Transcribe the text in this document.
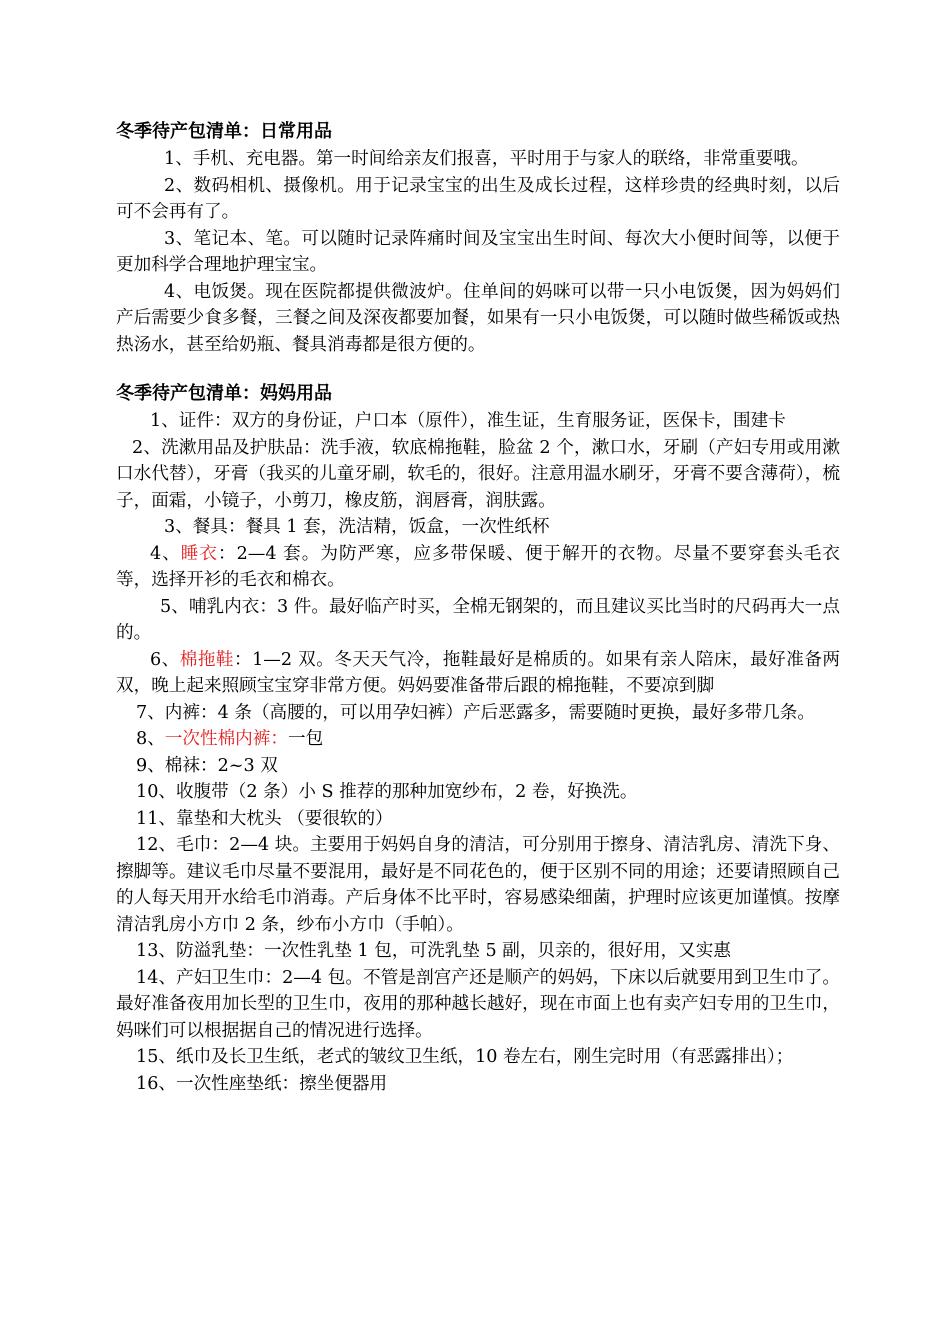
冬季待产包清单：日常用品

1、手机、充电器。第一时间给亲友们报喜，平时用于与家人的联络，非常重要哦。

2、数码相机、摄像机。用于记录宝宝的出生及成长过程，这样珍贵的经典时刻，以后可不会再有了。

3、笔记本、笔。可以随时记录阵痛时间及宝宝出生时间、每次大小便时间等，以便于更加科学合理地护理宝宝。

4、电饭煲。现在医院都提供微波炉。住单间的妈咪可以带一只小电饭煲，因为妈妈们产后需要少食多餐，三餐之间及深夜都要加餐，如果有一只小电饭煲，可以随时做些稀饭或热热汤水，甚至给奶瓶、餐具消毒都是很方便的。

冬季待产包清单：妈妈用品

1、证件：双方的身份证，户口本（原件），准生证，生育服务证，医保卡，围建卡

2、洗漱用品及护肤品：洗手液，软底棉拖鞋，脸盆 2 个，漱口水，牙刷（产妇专用或用漱口水代替），牙膏（我买的儿童牙刷，软毛的，很好。注意用温水刷牙，牙膏不要含薄荷），梳子，面霜，小镜子，小剪刀，橡皮筋，润唇膏，润肤露。

3、餐具：餐具 1 套，洗洁精，饭盒，一次性纸杯

4、睡衣：2—4 套。为防严寒，应多带保暖、便于解开的衣物。尽量不要穿套头毛衣等，选择开衫的毛衣和棉衣。

5、哺乳内衣：3 件。最好临产时买，全棉无钢架的，而且建议买比当时的尺码再大一点的。

6、棉拖鞋：1—2 双。冬天天气冷，拖鞋最好是棉质的。如果有亲人陪床，最好准备两双，晚上起来照顾宝宝穿非常方便。妈妈要准备带后跟的棉拖鞋，不要凉到脚

7、内裤：4 条（高腰的，可以用孕妇裤）产后恶露多，需要随时更换，最好多带几条。

8、一次性棉内裤：一包

9、棉袜：2~3 双

10、收腹带（2 条）小 S 推荐的那种加宽纱布，2 卷，好换洗。

11、靠垫和大枕头 （要很软的）

12、毛巾：2—4 块。主要用于妈妈自身的清洁，可分别用于擦身、清洁乳房、清洗下身、擦脚等。建议毛巾尽量不要混用，最好是不同花色的，便于区别不同的用途；还要请照顾自己的人每天用开水给毛巾消毒。产后身体不比平时，容易感染细菌，护理时应该更加谨慎。按摩清洁乳房小方巾 2 条，纱布小方巾（手帕）。

13、防溢乳垫：一次性乳垫 1 包，可洗乳垫 5 副，贝亲的，很好用，又实惠

14、产妇卫生巾：2—4 包。不管是剖宫产还是顺产的妈妈，下床以后就要用到卫生巾了。最好准备夜用加长型的卫生巾，夜用的那种越长越好，现在市面上也有卖产妇专用的卫生巾，妈咪们可以根据据自己的情况进行选择。

15、纸巾及长卫生纸，老式的皱纹卫生纸，10 卷左右，刚生完时用（有恶露排出）；

16、一次性座垫纸：擦坐便器用
